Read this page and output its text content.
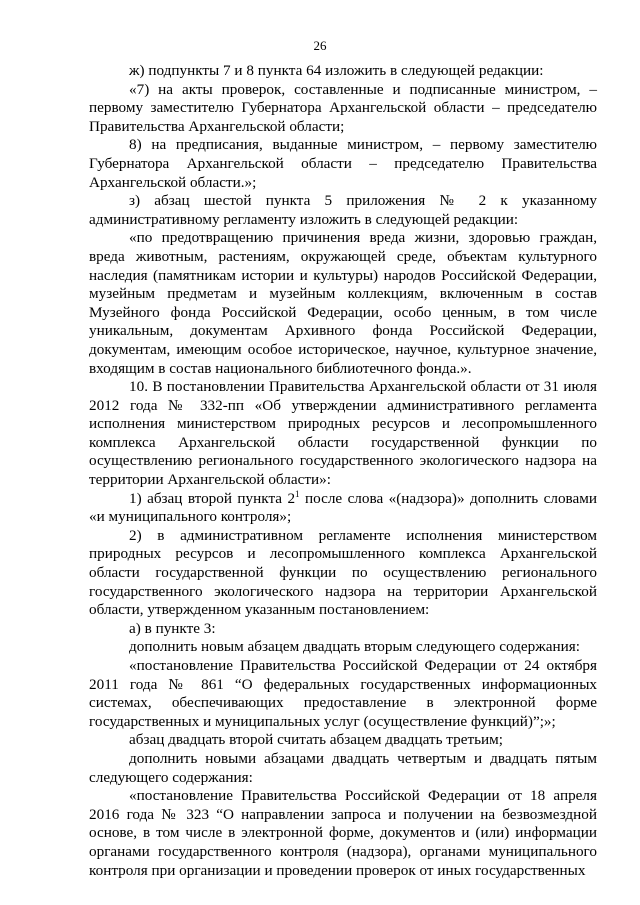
26

ж) подпункты 7 и 8 пункта 64 изложить в следующей редакции:

«7) на акты проверок, составленные и подписанные министром, – первому заместителю Губернатора Архангельской области – председателю Правительства Архангельской области;

8) на предписания, выданные министром, – первому заместителю Губернатора Архангельской области – председателю Правительства Архангельской области.»;

з) абзац шестой пункта 5 приложения № 2 к указанному административному регламенту изложить в следующей редакции:

«по предотвращению причинения вреда жизни, здоровью граждан, вреда животным, растениям, окружающей среде, объектам культурного наследия (памятникам истории и культуры) народов Российской Федерации, музейным предметам и музейным коллекциям, включенным в состав Музейного фонда Российской Федерации, особо ценным, в том числе уникальным, документам Архивного фонда Российской Федерации, документам, имеющим особое историческое, научное, культурное значение, входящим в состав национального библиотечного фонда.».

10. В постановлении Правительства Архангельской области от 31 июля 2012 года № 332-пп «Об утверждении административного регламента исполнения министерством природных ресурсов и лесопромышленного комплекса Архангельской области государственной функции по осуществлению регионального государственного экологического надзора на территории Архангельской области»:

1) абзац второй пункта $2^1$ после слова «(надзора)» дополнить словами «и муниципального контроля»;

2) в административном регламенте исполнения министерством природных ресурсов и лесопромышленного комплекса Архангельской области государственной функции по осуществлению регионального государственного экологического надзора на территории Архангельской области, утвержденном указанным постановлением:

а) в пункте 3:

дополнить новым абзацем двадцать вторым следующего содержания:

«постановление Правительства Российской Федерации от 24 октября 2011 года № 861 “О федеральных государственных информационных системах, обеспечивающих предоставление в электронной форме государственных и муниципальных услуг (осуществление функций)”;»;

абзац двадцать второй считать абзацем двадцать третьим;

дополнить новыми абзацами двадцать четвертым и двадцать пятым следующего содержания:

«постановление Правительства Российской Федерации от 18 апреля 2016 года № 323 “О направлении запроса и получении на безвозмездной основе, в том числе в электронной форме, документов и (или) информации органами государственного контроля (надзора), органами муниципального контроля при организации и проведении проверок от иных государственных
